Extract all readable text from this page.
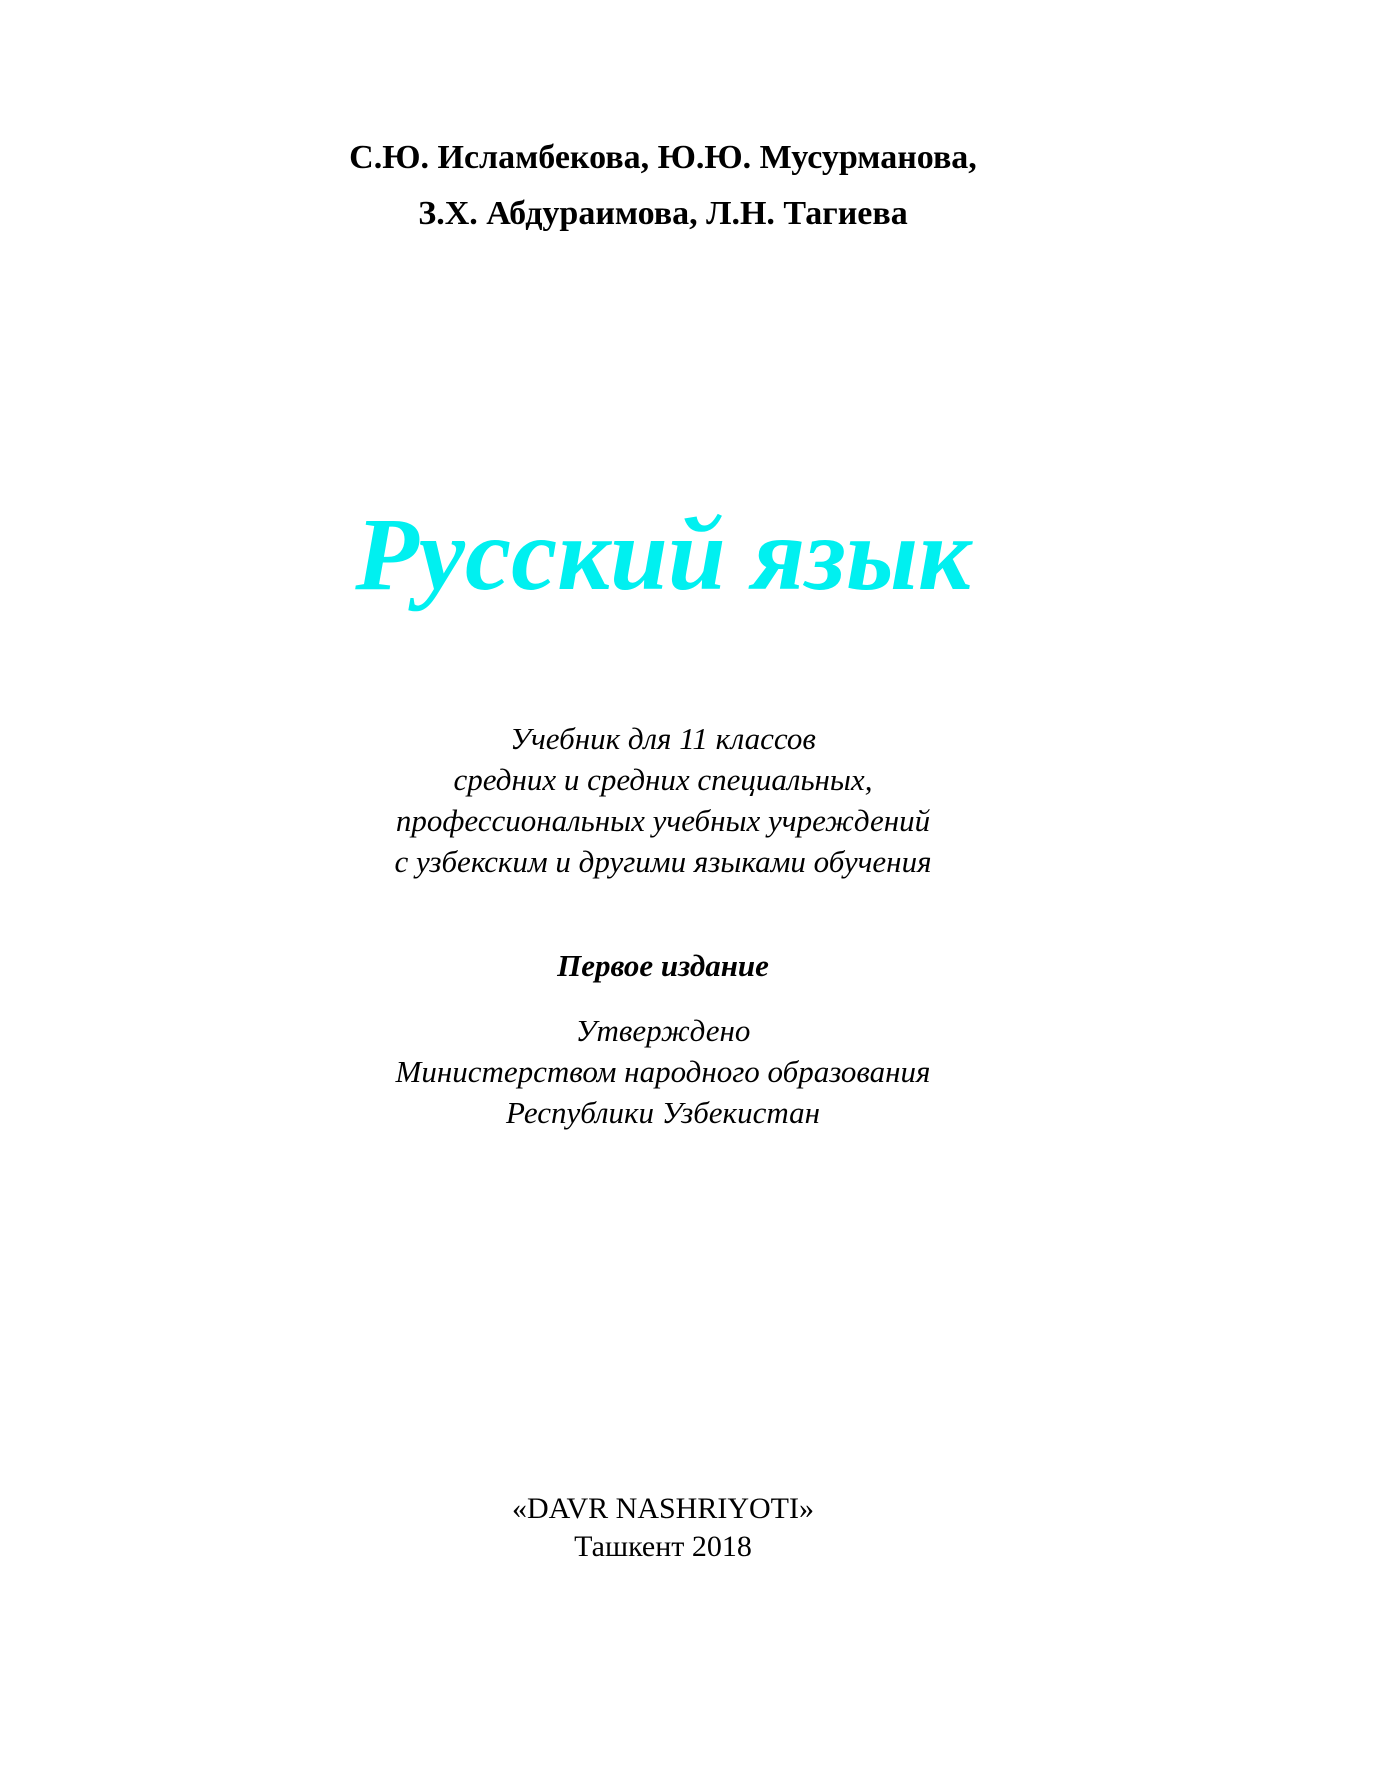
С.Ю. Исламбекова, Ю.Ю. Мусурманова,
З.Х. Абдураимова, Л.Н. Тагиева
Русский язык
Учебник для 11 классов
средних и средних специальных,
профессиональных учебных учреждений
с узбекским и другими языками обучения
Первое издание
Утверждено
Министерством народного образования
Республики Узбекистан
«DAVR NASHRIYOTI»
Ташкент 2018
